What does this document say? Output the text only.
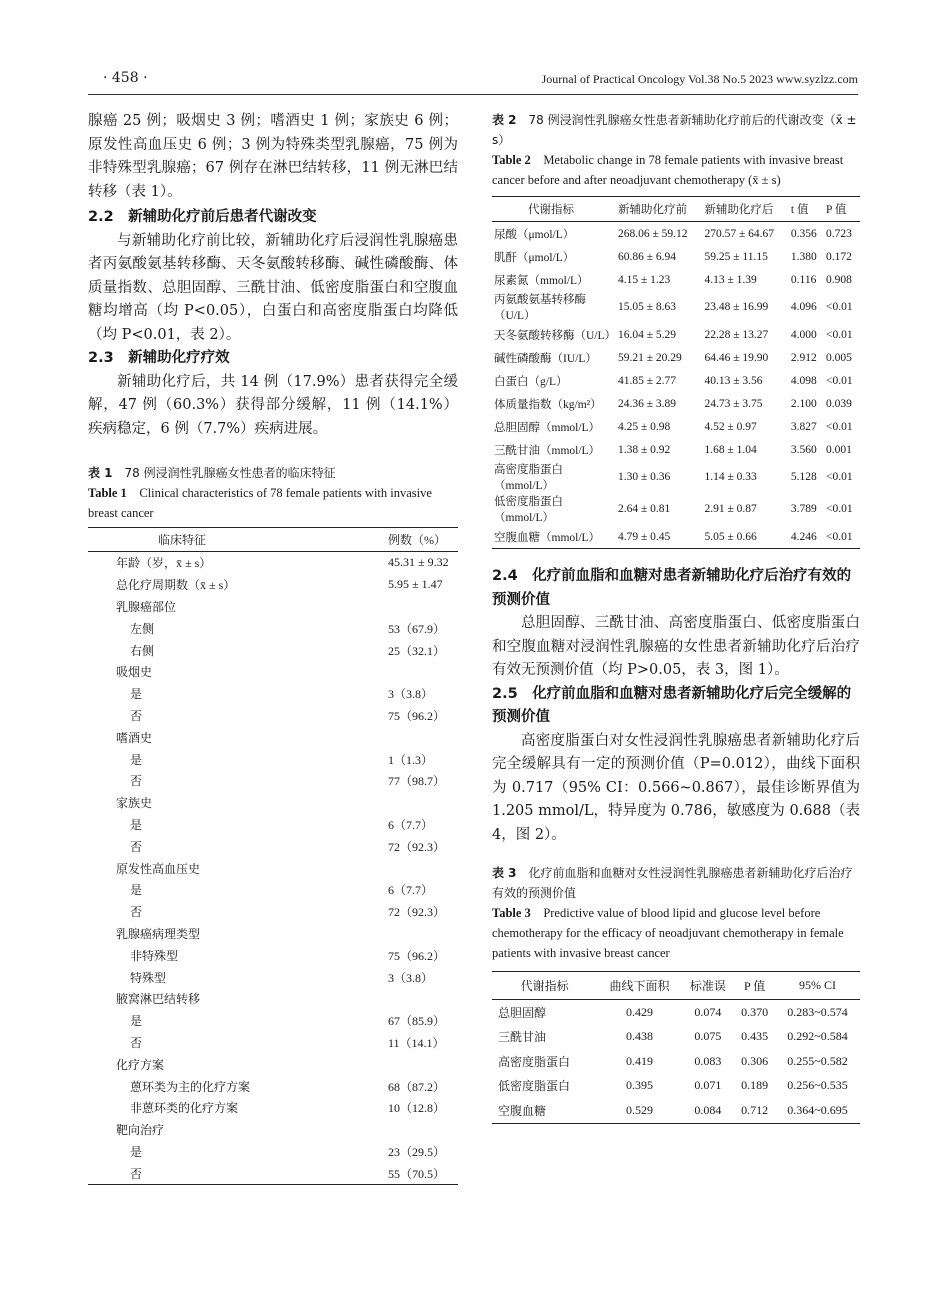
· 458 ·	Journal of Practical Oncology Vol.38 No.5 2023 www.syzlzz.com

腺癌 25 例；吸烟史 3 例；嗜酒史 1 例；家族史 6 例；原发性高血压史 6 例；3 例为特殊类型乳腺癌，75 例为非特殊型乳腺癌；67 例存在淋巴结转移，11 例无淋巴结转移（表 1）。

2.2　新辅助化疗前后患者代谢改变

与新辅助化疗前比较，新辅助化疗后浸润性乳腺癌患者丙氨酸氨基转移酶、天冬氨酸转移酶、碱性磷酸酶、体质量指数、总胆固醇、三酰甘油、低密度脂蛋白和空腹血糖均增高（均 P<0.05），白蛋白和高密度脂蛋白均降低（均 P<0.01，表 2）。

2.3　新辅助化疗疗效

新辅助化疗后，共 14 例（17.9%）患者获得完全缓解，47 例（60.3%）获得部分缓解，11 例（14.1%）疾病稳定，6 例（7.7%）疾病进展。

表 1　 78 例浸润性乳腺癌女性患者的临床特征

Table 1　 Clinical characteristics of 78 female patients with invasive breast cancer

临床特征	例数（%）
年龄（岁，x̄ ± s）	45.31 ± 9.32
总化疗周期数（x̄ ± s）	5.95 ± 1.47
乳腺癌部位	
左侧	53（67.9）
右侧	25（32.1）
吸烟史	
是	3（3.8）
否	75（96.2）
嗜酒史	
是	1（1.3）
否	77（98.7）
家族史	
是	6（7.7）
否	72（92.3）
原发性高血压史	
是	6（7.7）
否	72（92.3）
乳腺癌病理类型	
非特殊型	75（96.2）
特殊型	3（3.8）
腋窝淋巴结转移	
是	67（85.9）
否	11（14.1）
化疗方案	
蒽环类为主的化疗方案	68（87.2）
非蒽环类的化疗方案	10（12.8）
靶向治疗	
是	23（29.5）
否	55（70.5）

表 2　 78 例浸润性乳腺癌女性患者新辅助化疗前后的代谢改变（x̄ ± s）

Table 2　 Metabolic change in 78 female patients with invasive breast cancer before and after neoadjuvant chemotherapy (x̄ ± s)

代谢指标	新辅助化疗前	新辅助化疗后	t 值	P 值
尿酸（μmol/L）	268.06 ± 59.12	270.57 ± 64.67	0.356	0.723
肌酐（μmol/L）	60.86 ± 6.94	59.25 ± 11.15	1.380	0.172
尿素氮（mmol/L）	4.15 ± 1.23	4.13 ± 1.39	0.116	0.908
丙氨酸氨基转移酶（U/L）	15.05 ± 8.63	23.48 ± 16.99	4.096	<0.01
天冬氨酸转移酶（U/L）	16.04 ± 5.29	22.28 ± 13.27	4.000	<0.01
碱性磷酸酶（IU/L）	59.21 ± 20.29	64.46 ± 19.90	2.912	0.005
白蛋白（g/L）	41.85 ± 2.77	40.13 ± 3.56	4.098	<0.01
体质量指数（kg/m²）	24.36 ± 3.89	24.73 ± 3.75	2.100	0.039
总胆固醇（mmol/L）	4.25 ± 0.98	4.52 ± 0.97	3.827	<0.01
三酰甘油（mmol/L）	1.38 ± 0.92	1.68 ± 1.04	3.560	0.001
高密度脂蛋白（mmol/L）	1.30 ± 0.36	1.14 ± 0.33	5.128	<0.01
低密度脂蛋白（mmol/L）	2.64 ± 0.81	2.91 ± 0.87	3.789	<0.01
空腹血糖（mmol/L）	4.79 ± 0.45	5.05 ± 0.66	4.246	<0.01

2.4　化疗前血脂和血糖对患者新辅助化疗后治疗有效的预测价值

总胆固醇、三酰甘油、高密度脂蛋白、低密度脂蛋白和空腹血糖对浸润性乳腺癌的女性患者新辅助化疗后治疗有效无预测价值（均 P>0.05，表 3，图 1）。

2.5　化疗前血脂和血糖对患者新辅助化疗后完全缓解的预测价值

高密度脂蛋白对女性浸润性乳腺癌患者新辅助化疗后完全缓解具有一定的预测价值（P=0.012），曲线下面积为 0.717（95% CI：0.566~0.867），最佳诊断界值为 1.205 mmol/L，特异度为 0.786，敏感度为 0.688（表 4，图 2）。

表 3　 化疗前血脂和血糖对女性浸润性乳腺癌患者新辅助化疗后治疗有效的预测价值

Table 3　 Predictive value of blood lipid and glucose level before chemotherapy for the efficacy of neoadjuvant chemotherapy in female patients with invasive breast cancer

代谢指标	曲线下面积	标准误	P 值	95% CI
总胆固醇	0.429	0.074	0.370	0.283~0.574
三酰甘油	0.438	0.075	0.435	0.292~0.584
高密度脂蛋白	0.419	0.083	0.306	0.255~0.582
低密度脂蛋白	0.395	0.071	0.189	0.256~0.535
空腹血糖	0.529	0.084	0.712	0.364~0.695
